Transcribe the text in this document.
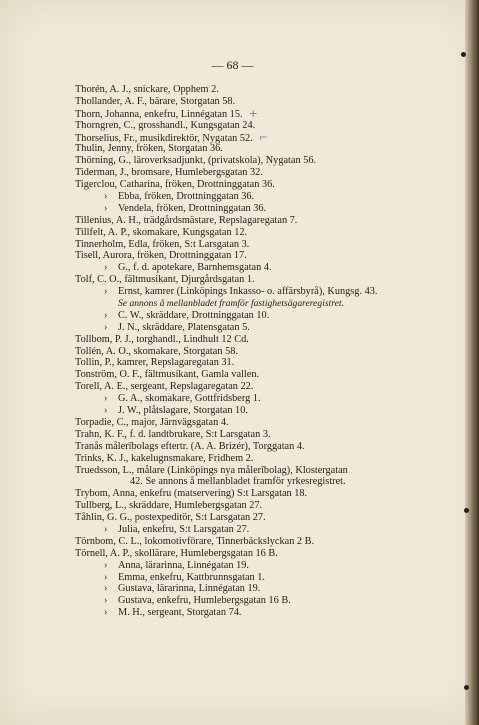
— 68 —
Thorén, A. J., snickare, Opphem 2.
Thollander, A. F., bärare, Storgatan 58.
Thorn, Johanna, enkefru, Linnégatan 15. +
Thorngren, C., grosshandl., Kungsgatan 24.
Thorselius, Fr., musikdirektör, Nygatan 52. ⌐
Thulin, Jenny, fröken, Storgatan 36.
Thörning, G., läroverksadjunkt, (privatskola), Nygatan 56.
Tiderman, J., bromsare, Humlebergsgatan 32.
Tigerclou, Catharina, fröken, Drottninggatan 36.
›	Ebba, fröken, Drottninggatan 36.
›	Vendela, fröken, Drottninggatan 36.
Tillenius, A. H., trädgårdsmästare, Repslagaregatan 7.
Tillfelt, A. P., skomakare, Kungsgatan 12.
Tinnerholm, Edla, fröken, S:t Larsgatan 3.
Tisell, Aurora, fröken, Drottninggatan 17.
›	G., f. d. apotekare, Barnhemsgatan 4.
Tolf, C. O., fältmusikant, Djurgårdsgatan 1.
›	Ernst, kamrer (Linköpings Inkasso- o. affärsbyrå), Kungsg. 43.
Se annons å mellanbladet framför fastighetsägareregistret.
›	C. W., skräddare, Drottninggatan 10.
›	J. N., skräddare, Platensgatan 5.
Tollbom, P. J., torghandl., Lindhult 12 Cd.
Tollén, A. O., skomakare, Storgatan 58.
Tollin, P., kamrer, Repslagaregatan 31.
Tonström, O. F., fältmusikant, Gamla vallen.
Torell, A. E., sergeant, Repslagaregatan 22.
›	G. A., skomakare, Gottfridsberg 1.
›	J. W., plåtslagare, Storgatan 10.
Torpadie, C., major, Järnvägsgatan 4.
Trahn, K. F., f. d. landtbrukare, S:t Larsgatan 3.
Tranås målerībolags eftertr. (A. A. Brizér), Torggatan 4.
Trinks, K. J., kakelugnsmakare, Fridhem 2.
Truedsson, L., målare (Linköpings nya målerībolag), Klostergatan
42. Se annons å mellanbladet framför yrkesregistret.
Trybom, Anna, enkefru (matservering) S:t Larsgatan 18.
Tullberg, L., skräddare, Humlebergsgatan 27.
Tåhlin, G. G., postexpeditör, S:t Larsgatan 27.
›	Julia, enkefru, S:t Larsgatan 27.
Törnbom, C. L., lokomotivförare, Tinnerbäckslyckan 2 B.
Törnell, A. P., skollärare, Humlebergsgatan 16 B.
›	Anna, lärarinna, Linnégatan 19.
›	Emma, enkefru, Kattbrunnsgatan 1.
›	Gustava, lärarinna, Linnégatan 19.
›	Gustava, enkefru, Humlebergsgatan 16 B.
›	M. H., sergeant, Storgatan 74.
